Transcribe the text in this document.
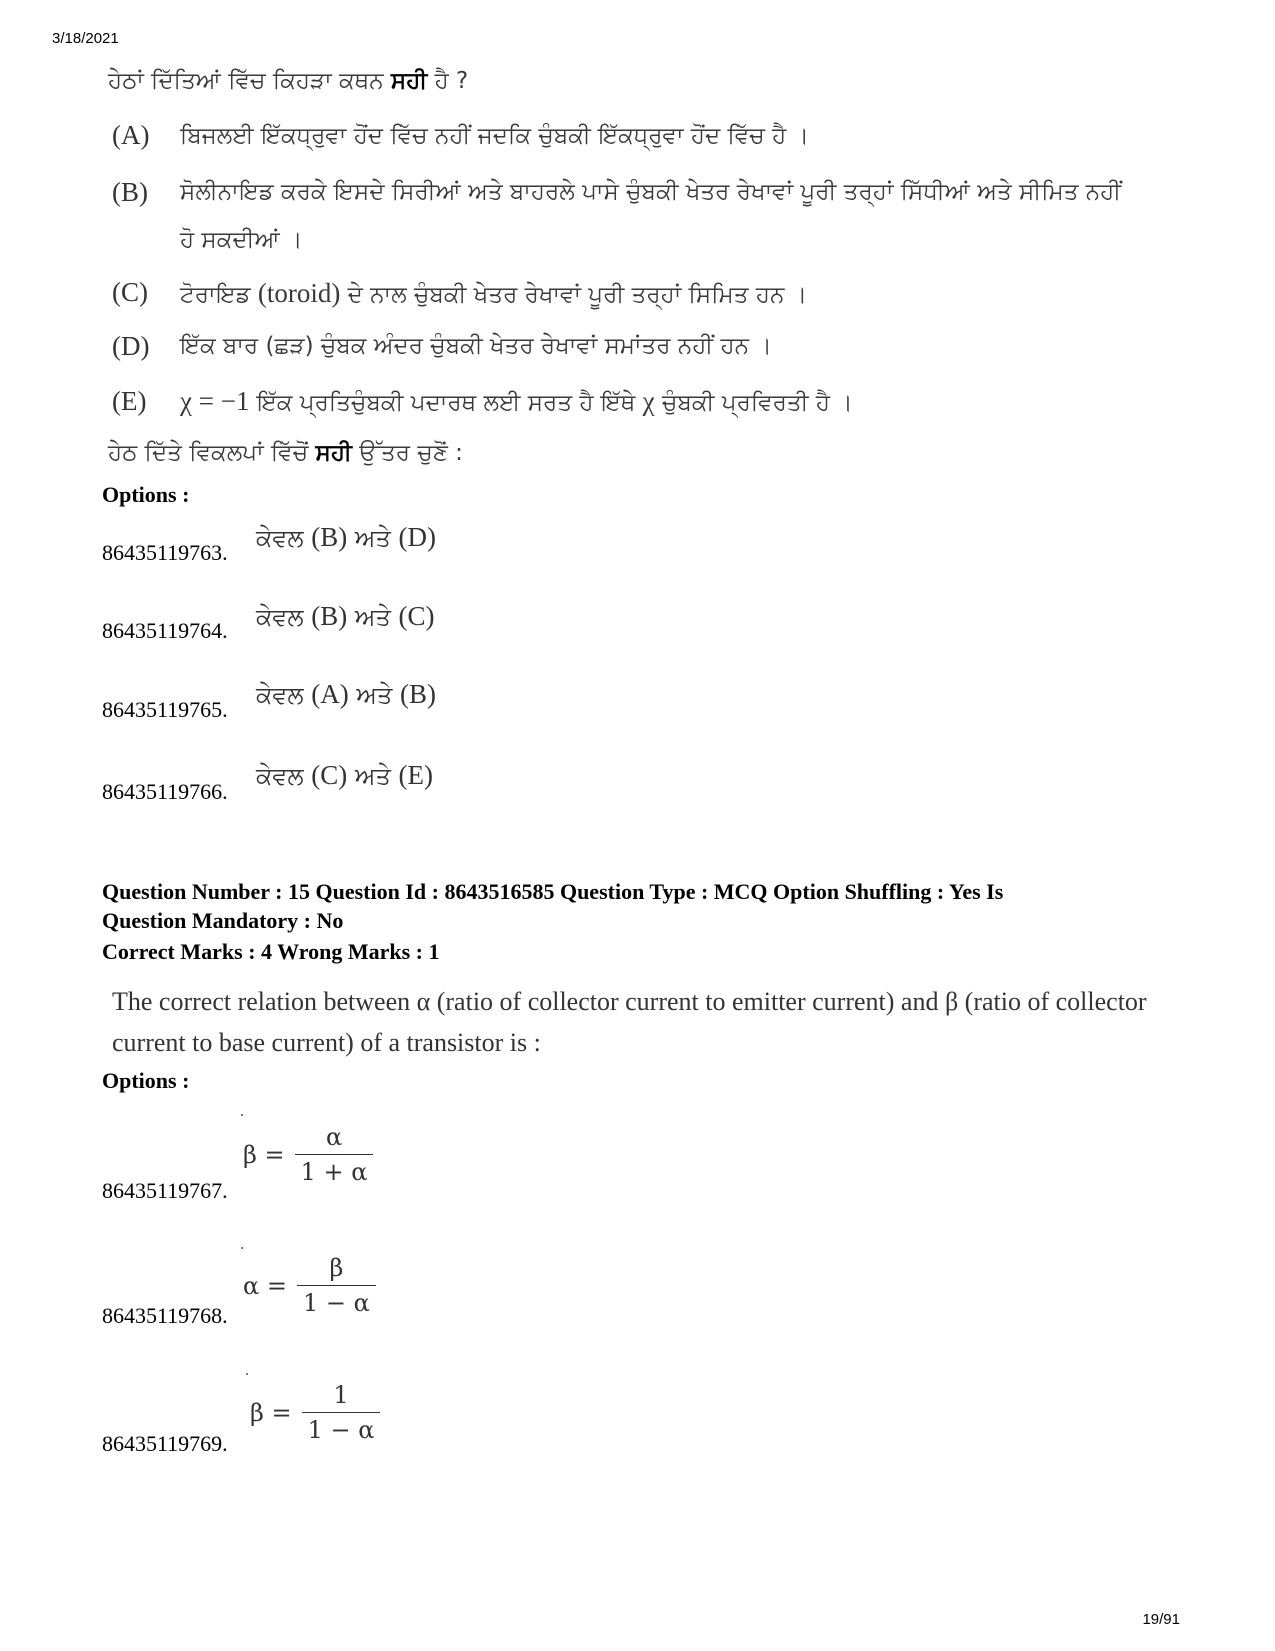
3/18/2021
ਹੇਠਾਂ ਦਿੱਤਿਆਂ ਵਿੱਚ ਕਿਹੜਾ ਕਥਨ ਸਹੀ ਹੈ ?
(A) ਬਿਜਲਈ ਇੱਕਧ੍ਰੁਵਾ ਹੋਂਦ ਵਿੱਚ ਨਹੀਂ ਜਦਕਿ ਚੁੰਬਕੀ ਇੱਕਧ੍ਰੁਵਾ ਹੋਂਦ ਵਿੱਚ ਹੈ ।
(B) ਸੋਲੀਨਾਇਡ ਕਰਕੇ ਇਸਦੇ ਸਿਰੀਆਂ ਅਤੇ ਬਾਹਰਲੇ ਪਾਸੇ ਚੁੰਬਕੀ ਖੇਤਰ ਰੇਖਾਵਾਂ ਪੂਰੀ ਤਰ੍ਹਾਂ ਸਿੱਧੀਆਂ ਅਤੇ ਸੀਮਿਤ ਨਹੀਂ
ਹੋ ਸਕਦੀਆਂ ।
(C) ਟੋਰਾਇਡ (toroid) ਦੇ ਨਾਲ ਚੁੰਬਕੀ ਖੇਤਰ ਰੇਖਾਵਾਂ ਪੂਰੀ ਤਰ੍ਹਾਂ ਸਿਮਿਤ ਹਨ ।
(D) ਇੱਕ ਬਾਰ (ਛੜ) ਚੁੰਬਕ ਅੰਦਰ ਚੁੰਬਕੀ ਖੇਤਰ ਰੇਖਾਵਾਂ ਸਮਾਂਤਰ ਨਹੀਂ ਹਨ ।
(E) χ = −1 ਇੱਕ ਪ੍ਰਤਿਚੁੰਬਕੀ ਪਦਾਰਥ ਲਈ ਸਰਤ ਹੈ ਇੱਥੇ χ ਚੁੰਬਕੀ ਪ੍ਰਵਿਰਤੀ ਹੈ ।
ਹੇਠ ਦਿੱਤੇ ਵਿਕਲਪਾਂ ਵਿੱਚੋਂ ਸਹੀ ਉੱਤਰ ਚੁਣੋਂ :
Options :
86435119763.
ਕੇਵਲ (B) ਅਤੇ (D)
86435119764. ਕੇਵਲ (B) ਅਤੇ (C)
86435119765.
ਕੇਵਲ (A) ਅਤੇ (B)
86435119766.
ਕੇਵਲ (C) ਅਤੇ (E)
Question Number : 15 Question Id : 8643516585 Question Type : MCQ Option Shuffling : Yes Is
Question Mandatory : No
Correct Marks : 4 Wrong Marks : 1
The correct relation between α (ratio of collector current to emitter current) and β (ratio of collector current to base current) of a transistor is :
Options :
$\beta = \frac{\alpha}{1 + \alpha}$
86435119767.
$\alpha = \frac{\beta}{1 - \alpha}$
86435119768.
$\beta = \frac{1}{1 - \alpha}$
86435119769.
19/91
